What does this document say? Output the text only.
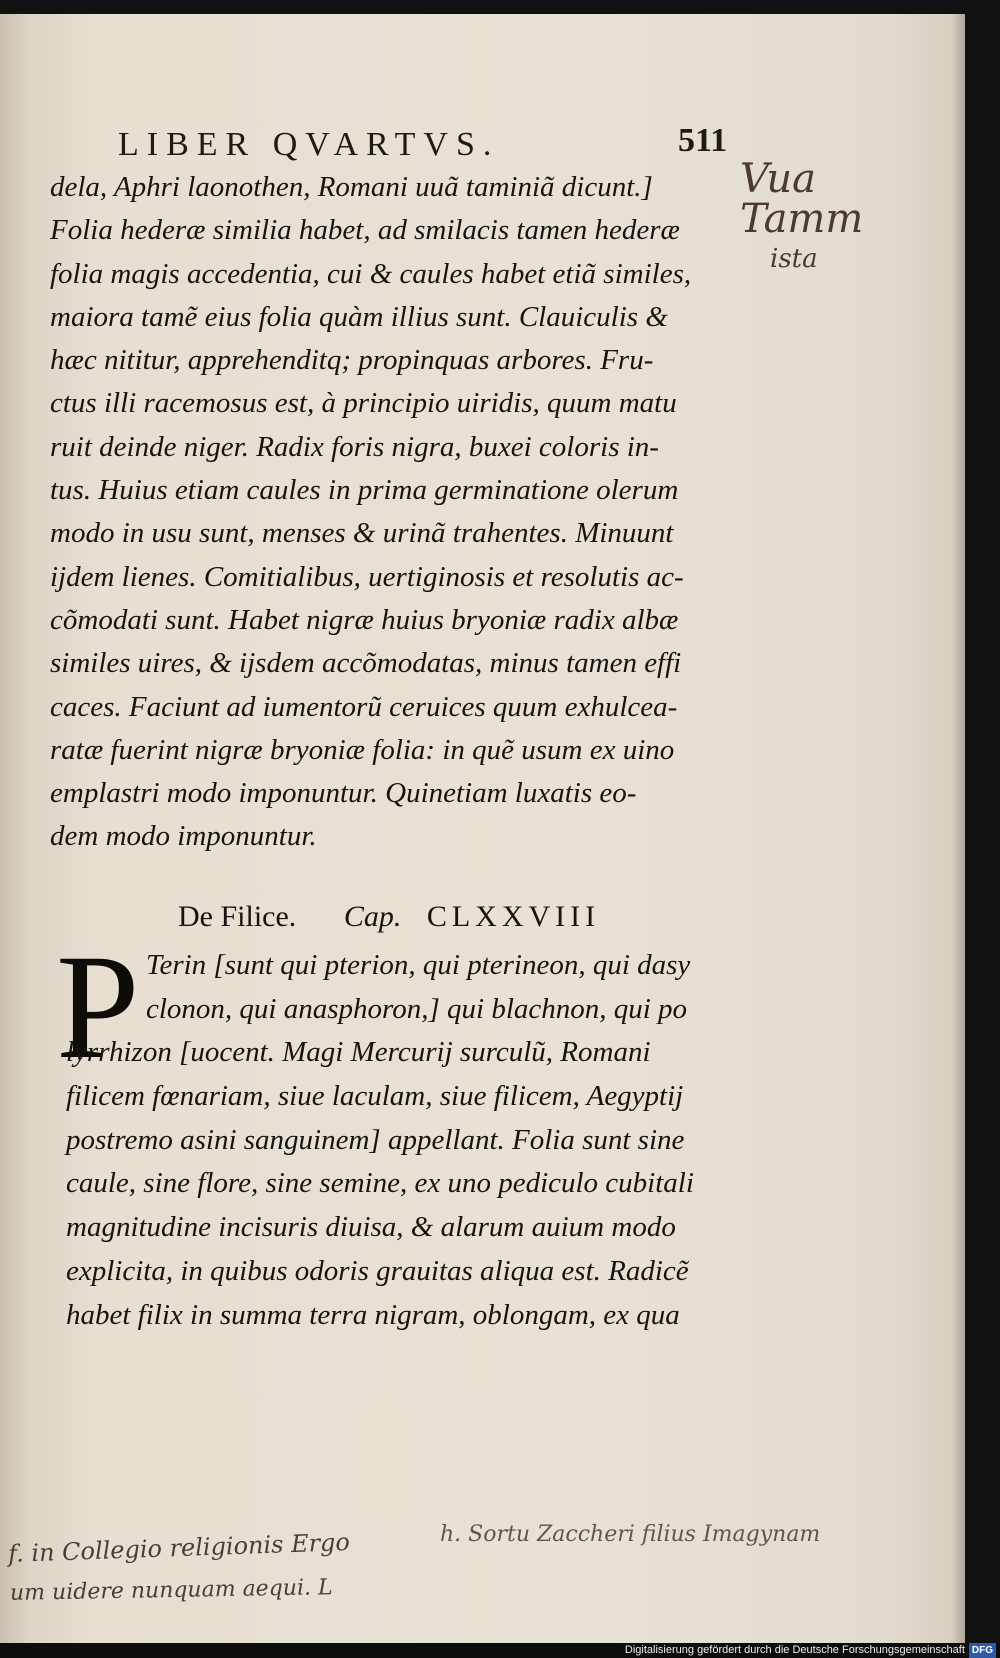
LIBER QVARTVS.	511
Vua Tamm
ista
dela, Aphri laonothen, Romani uuã taminiã dicunt.]
Folia hederæ similia habet, ad smilacis tamen hederæ
folia magis accedentia, cui & caules habet etiã similes,
maiora tamẽ eius folia quàm illius sunt. Clauiculis &
hæc nititur, apprehenditq; propinquas arbores. Fru-
ctus illi racemosus est, à principio uiridis, quum matu
ruit deinde niger. Radix foris nigra, buxei coloris in-
tus. Huius etiam caules in prima germinatione olerum
modo in usu sunt, menses & urinã trahentes. Minuunt
ijdem lienes. Comitialibus, uertiginosis et resolutis ac-
cõmodati sunt. Habet nigræ huius bryoniæ radix albæ
similes uires, & ijsdem accõmodatas, minus tamen effi
caces. Faciunt ad iumentorũ ceruices quum exhulcea-
ratæ fuerint nigræ bryoniæ folia: in quẽ usum ex uino
emplastri modo imponuntur. Quinetiam luxatis eo-
dem modo imponuntur.
De Filice. Cap. CLXXVIII
P Terin [sunt qui pterion, qui pterineon, qui dasy
clonon, qui anasphoron,] qui blachnon, qui po
lyrrhizon [uocent. Magi Mercurij surculũ, Romani
filicem fœnariam, siue laculam, siue filicem, Aegyptij
postremo asini sanguinem] appellant. Folia sunt sine
caule, sine flore, sine semine, ex uno pediculo cubitali
magnitudine incisuris diuisa, & alarum auium modo
explicita, in quibus odoris grauitas aliqua est. Radicẽ
habet filix in summa terra nigram, oblongam, ex qua
f. in Collegio religionis Ergo	h. Sortu Zaccheri filius Imagynam
um uidere nunquam aequi. L
Digitalisierung gefördert durch die Deutsche Forschungsgemeinschaft DFG
